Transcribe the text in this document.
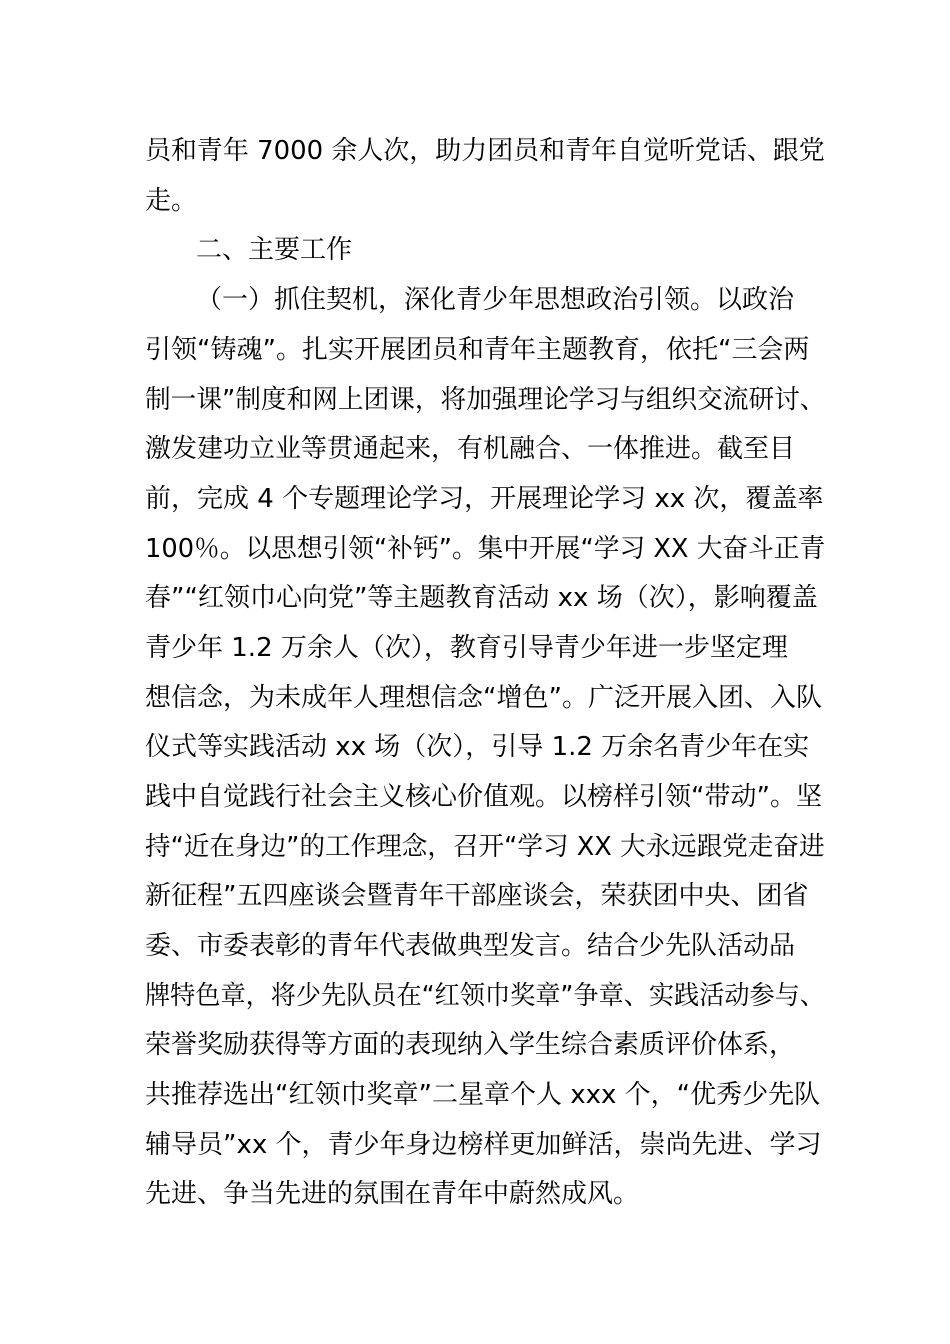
员和青年 7000 余人次，助力团员和青年自觉听党话、跟党
走。
二、主要工作
（一）抓住契机，深化青少年思想政治引领。以政治
引领“铸魂”。扎实开展团员和青年主题教育，依托“三会两
制一课”制度和网上团课，将加强理论学习与组织交流研讨、
激发建功立业等贯通起来，有机融合、一体推进。截至目
前，完成 4 个专题理论学习，开展理论学习 xx 次，覆盖率
100％。以思想引领“补钙”。集中开展“学习 XX 大奋斗正青
春”“红领巾心向党”等主题教育活动 xx 场（次），影响覆盖
青少年 1.2 万余人（次），教育引导青少年进一步坚定理
想信念，为未成年人理想信念“增色”。广泛开展入团、入队
仪式等实践活动 xx 场（次），引导 1.2 万余名青少年在实
践中自觉践行社会主义核心价值观。以榜样引领“带动”。坚
持“近在身边”的工作理念，召开“学习 XX 大永远跟党走奋进
新征程”五四座谈会暨青年干部座谈会，荣获团中央、团省
委、市委表彰的青年代表做典型发言。结合少先队活动品
牌特色章，将少先队员在“红领巾奖章”争章、实践活动参与、
荣誉奖励获得等方面的表现纳入学生综合素质评价体系，
共推荐选出“红领巾奖章”二星章个人 xxx 个，“优秀少先队
辅导员”xx 个，青少年身边榜样更加鲜活，崇尚先进、学习
先进、争当先进的氛围在青年中蔚然成风。
